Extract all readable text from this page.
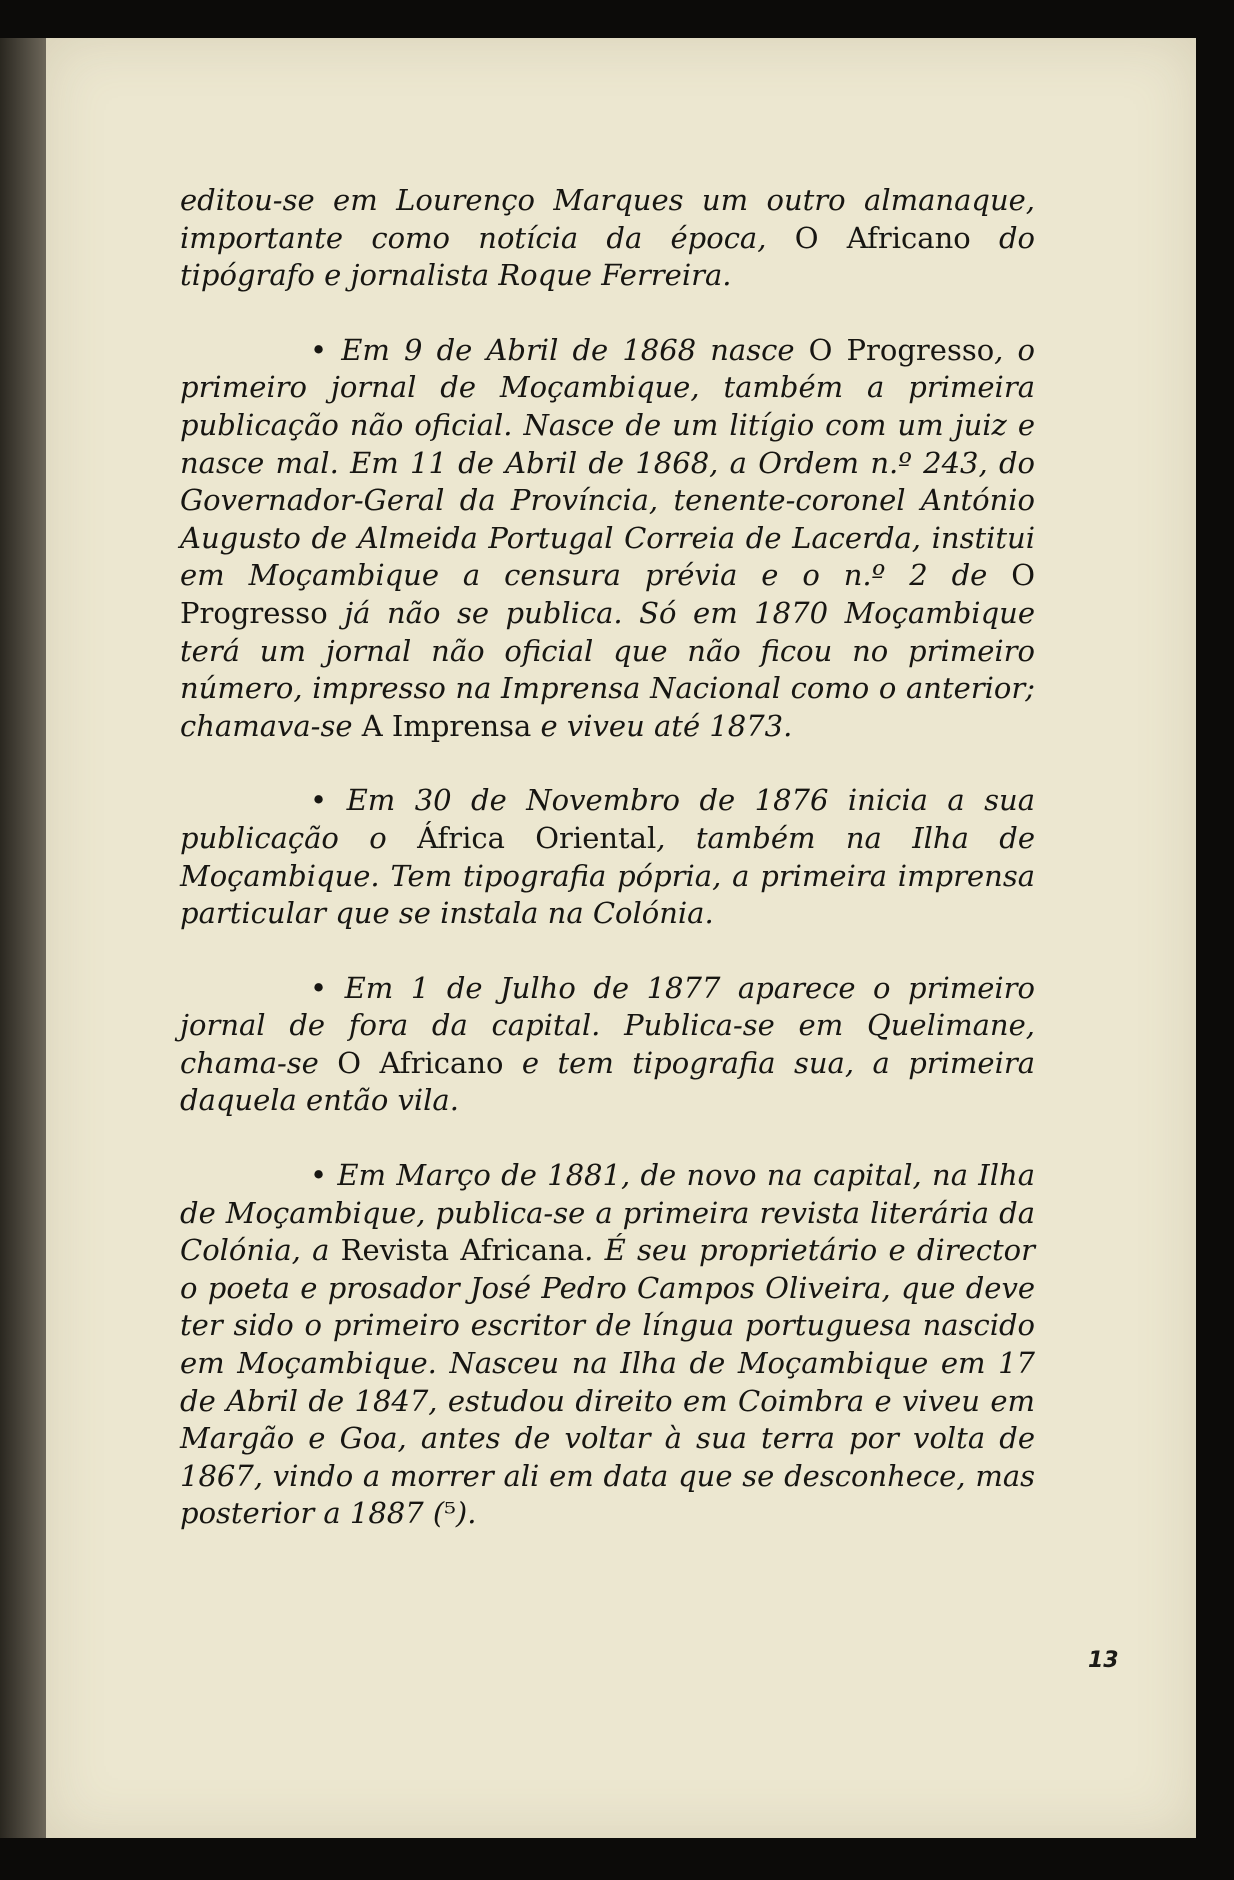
editou-se em Lourenço Marques um outro almanaque, importante como notícia da época, O Africano do tipógrafo e jornalista Roque Ferreira.

• Em 9 de Abril de 1868 nasce O Progresso, o primeiro jornal de Moçambique, também a primeira publicação não oficial. Nasce de um litígio com um juiz e nasce mal. Em 11 de Abril de 1868, a Ordem n.º 243, do Governador-Geral da Província, tenente-coronel António Augusto de Almeida Portugal Correia de Lacerda, institui em Moçambique a censura prévia e o n.º 2 de O Progresso já não se publica. Só em 1870 Moçambique terá um jornal não oficial que não ficou no primeiro número, impresso na Imprensa Nacional como o anterior; chamava-se A Imprensa e viveu até 1873.

• Em 30 de Novembro de 1876 inicia a sua publicação o África Oriental, também na Ilha de Moçambique. Tem tipografia pópria, a primeira imprensa particular que se instala na Colónia.

• Em 1 de Julho de 1877 aparece o primeiro jornal de fora da capital. Publica-se em Quelimane, chama-se O Africano e tem tipografia sua, a primeira daquela então vila.

• Em Março de 1881, de novo na capital, na Ilha de Moçambique, publica-se a primeira revista literária da Colónia, a Revista Africana. É seu proprietário e director o poeta e prosador José Pedro Campos Oliveira, que deve ter sido o primeiro escritor de língua portuguesa nascido em Moçambique. Nasceu na Ilha de Moçambique em 17 de Abril de 1847, estudou direito em Coimbra e viveu em Margão e Goa, antes de voltar à sua terra por volta de 1867, vindo a morrer ali em data que se desconhece, mas posterior a 1887 (⁵).

13
